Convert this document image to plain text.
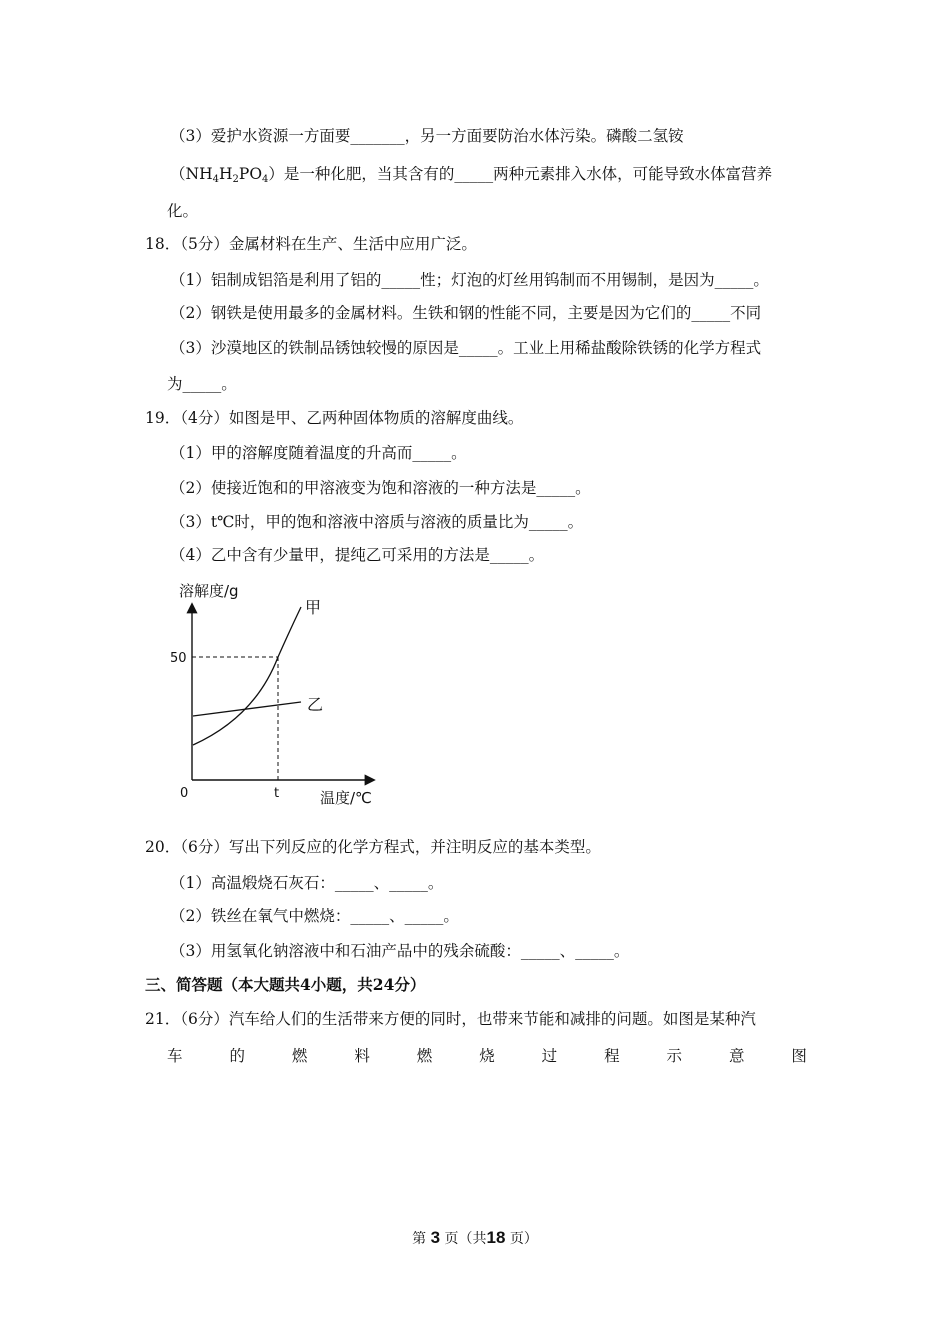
（3）爱护水资源一方面要_______，另一方面要防治水体污染。磷酸二氢铵
$(NH_4H_2PO_4)$是一种化肥，当其含有的_____两种元素排入水体，可能导致水体富营养
化。
18．（5分）金属材料在生产、生活中应用广泛。
（1）铝制成铝箔是利用了铝的_____性；灯泡的灯丝用钨制而不用锡制，是因为_____。
（2）钢铁是使用最多的金属材料。生铁和钢的性能不同，主要是因为它们的_____不同
（3）沙漠地区的铁制品锈蚀较慢的原因是_____。工业上用稀盐酸除铁锈的化学方程式
为_____。
19．（4分）如图是甲、乙两种固体物质的溶解度曲线。
（1）甲的溶解度随着温度的升高而_____。
（2）使接近饱和的甲溶液变为饱和溶液的一种方法是_____。
（3）t℃时，甲的饱和溶液中溶质与溶液的质量比为_____。
（4）乙中含有少量甲，提纯乙可采用的方法是_____。
溶解度/g
温度/℃
0
50
t
甲
乙
20．（6分）写出下列反应的化学方程式，并注明反应的基本类型。
（1）高温煅烧石灰石：_____、_____。
（2）铁丝在氧气中燃烧：_____、_____。
（3）用氢氧化钠溶液中和石油产品中的残余硫酸：_____、_____。
三、简答题（本大题共4小题，共24分）
21．（6分）汽车给人们的生活带来方便的同时，也带来节能和减排的问题。如图是某种汽
车	的	燃	料	燃	烧	过	程	示	意	图
第 3 页（共18 页）
